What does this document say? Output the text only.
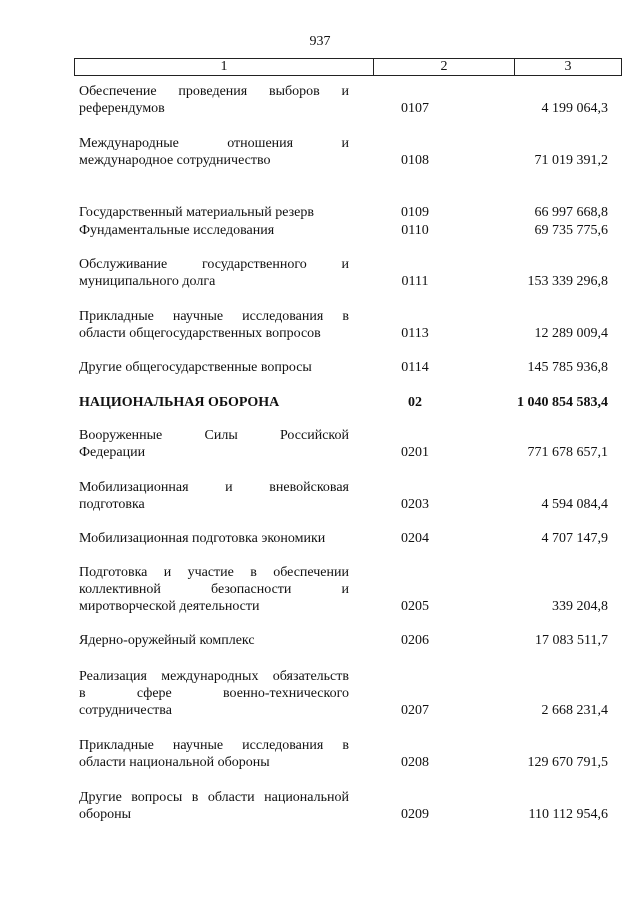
937
1	2	3
Обеспечение проведения выборов и
референдумов	0107	4 199 064,3
Международные отношения и
международное сотрудничество	0108	71 019 391,2
Государственный материальный резерв	0109	66 997 668,8
Фундаментальные исследования	0110	69 735 775,6
Обслуживание государственного и
муниципального долга	0111	153 339 296,8
Прикладные научные исследования в
области общегосударственных вопросов	0113	12 289 009,4
Другие общегосударственные вопросы	0114	145 785 936,8
НАЦИОНАЛЬНАЯ ОБОРОНА	02	1 040 854 583,4
Вооруженные Силы Российской
Федерации	0201	771 678 657,1
Мобилизационная и вневойсковая
подготовка	0203	4 594 084,4
Мобилизационная подготовка экономики	0204	4 707 147,9
Подготовка и участие в обеспечении
коллективной безопасности и
миротворческой деятельности	0205	339 204,8
Ядерно-оружейный комплекс	0206	17 083 511,7
Реализация международных обязательств
в сфере военно-технического
сотрудничества	0207	2 668 231,4
Прикладные научные исследования в
области национальной обороны	0208	129 670 791,5
Другие вопросы в области национальной
обороны	0209	110 112 954,6
